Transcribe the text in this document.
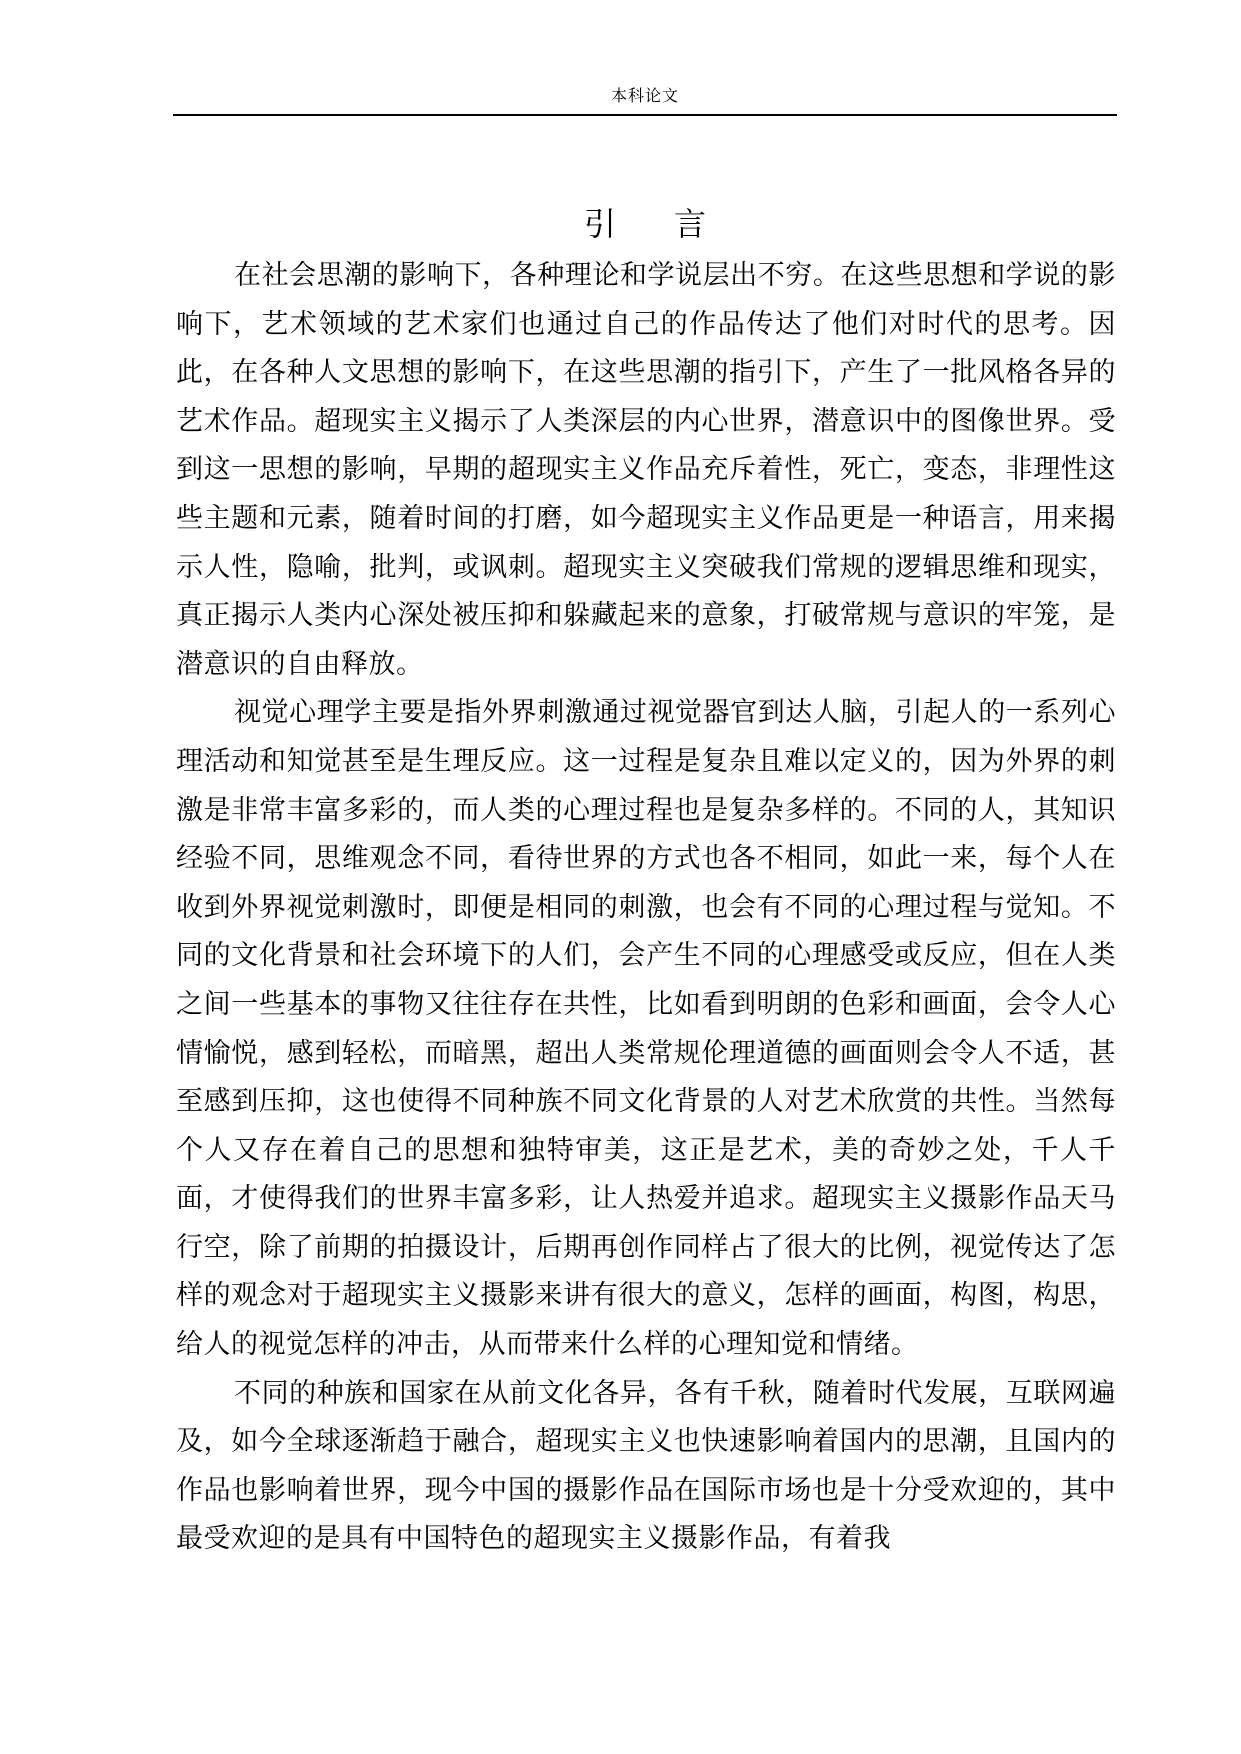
本科论文
引言

在社会思潮的影响下，各种理论和学说层出不穷。在这些思想和学说的影响下，艺术领域的艺术家们也通过自己的作品传达了他们对时代的思考。因此，在各种人文思想的影响下，在这些思潮的指引下，产生了一批风格各异的艺术作品。超现实主义揭示了人类深层的内心世界，潜意识中的图像世界。受到这一思想的影响，早期的超现实主义作品充斥着性，死亡，变态，非理性这些主题和元素，随着时间的打磨，如今超现实主义作品更是一种语言，用来揭示人性，隐喻，批判，或讽刺。超现实主义突破我们常规的逻辑思维和现实，真正揭示人类内心深处被压抑和躲藏起来的意象，打破常规与意识的牢笼，是潜意识的自由释放。

视觉心理学主要是指外界刺激通过视觉器官到达人脑，引起人的一系列心理活动和知觉甚至是生理反应。这一过程是复杂且难以定义的，因为外界的刺激是非常丰富多彩的，而人类的心理过程也是复杂多样的。不同的人，其知识经验不同，思维观念不同，看待世界的方式也各不相同，如此一来，每个人在收到外界视觉刺激时，即便是相同的刺激，也会有不同的心理过程与觉知。不同的文化背景和社会环境下的人们，会产生不同的心理感受或反应，但在人类之间一些基本的事物又往往存在共性，比如看到明朗的色彩和画面，会令人心情愉悦，感到轻松，而暗黑，超出人类常规伦理道德的画面则会令人不适，甚至感到压抑，这也使得不同种族不同文化背景的人对艺术欣赏的共性。当然每个人又存在着自己的思想和独特审美，这正是艺术，美的奇妙之处，千人千面，才使得我们的世界丰富多彩，让人热爱并追求。超现实主义摄影作品天马行空，除了前期的拍摄设计，后期再创作同样占了很大的比例，视觉传达了怎样的观念对于超现实主义摄影来讲有很大的意义，怎样的画面，构图，构思，给人的视觉怎样的冲击，从而带来什么样的心理知觉和情绪。

不同的种族和国家在从前文化各异，各有千秋，随着时代发展，互联网遍及，如今全球逐渐趋于融合，超现实主义也快速影响着国内的思潮，且国内的作品也影响着世界，现今中国的摄影作品在国际市场也是十分受欢迎的，其中最受欢迎的是具有中国特色的超现实主义摄影作品，有着我
